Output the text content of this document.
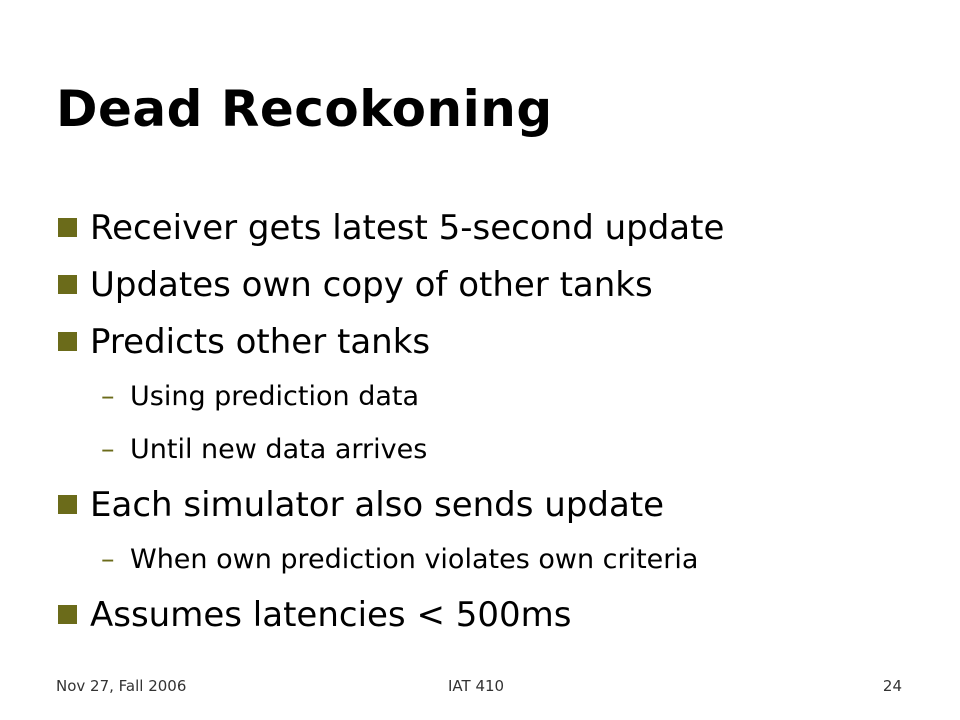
Dead Recokoning
Receiver gets latest 5-second update
Updates own copy of other tanks
Predicts other tanks
– Using prediction data
– Until new data arrives
Each simulator also sends update
– When own prediction violates own criteria
Assumes latencies < 500ms
Nov 27, Fall 2006	IAT 410	24
